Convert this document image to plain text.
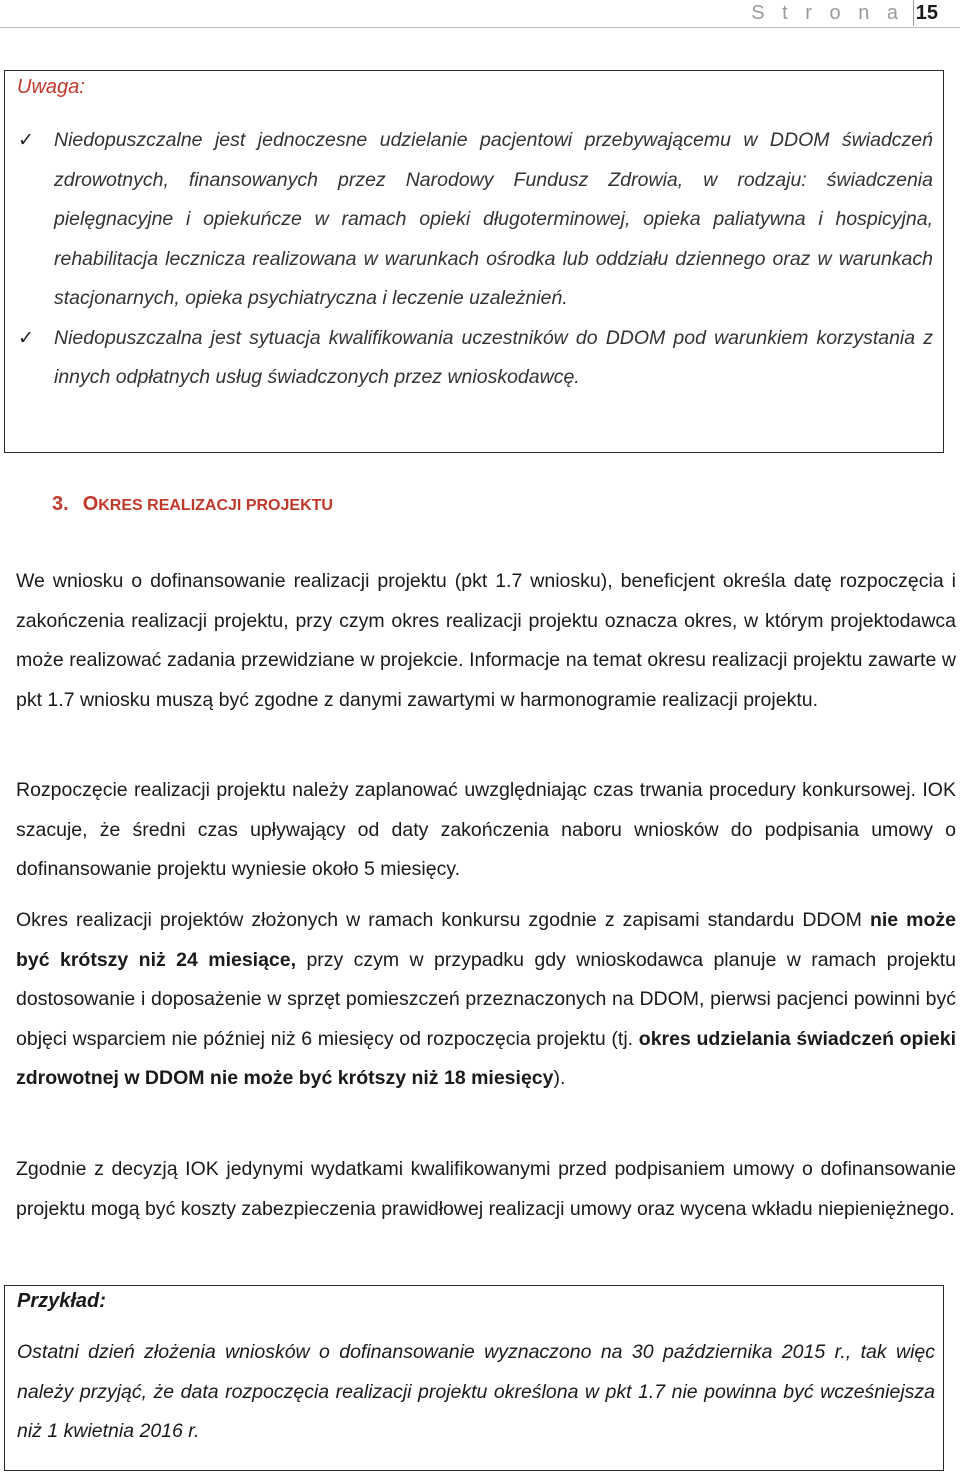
S t r o n a 15
Uwaga:
✓ Niedopuszczalne jest jednoczesne udzielanie pacjentowi przebywającemu w DDOM świadczeń zdrowotnych, finansowanych przez Narodowy Fundusz Zdrowia, w rodzaju: świadczenia pielęgnacyjne i opiekuńcze w ramach opieki długoterminowej, opieka paliatywna i hospicyjna, rehabilitacja lecznicza realizowana w warunkach ośrodka lub oddziału dziennego oraz w warunkach stacjonarnych, opieka psychiatryczna i leczenie uzależnień.
✓ Niedopuszczalna jest sytuacja kwalifikowania uczestników do DDOM pod warunkiem korzystania z innych odpłatnych usług świadczonych przez wnioskodawcę.
3. OKRES REALIZACJI PROJEKTU
We wniosku o dofinansowanie realizacji projektu (pkt 1.7 wniosku), beneficjent określa datę rozpoczęcia i zakończenia realizacji projektu, przy czym okres realizacji projektu oznacza okres, w którym projektodawca może realizować zadania przewidziane w projekcie. Informacje na temat okresu realizacji projektu zawarte w pkt 1.7 wniosku muszą być zgodne z danymi zawartymi w harmonogramie realizacji projektu.
Rozpoczęcie realizacji projektu należy zaplanować uwzględniając czas trwania procedury konkursowej. IOK szacuje, że średni czas upływający od daty zakończenia naboru wniosków do podpisania umowy o dofinansowanie projektu wyniesie około 5 miesięcy.
Okres realizacji projektów złożonych w ramach konkursu zgodnie z zapisami standardu DDOM nie może być krótszy niż 24 miesiące, przy czym w przypadku gdy wnioskodawca planuje w ramach projektu dostosowanie i doposażenie w sprzęt pomieszczeń przeznaczonych na DDOM, pierwsi pacjenci powinni być objęci wsparciem nie później niż 6 miesięcy od rozpoczęcia projektu (tj. okres udzielania świadczeń opieki zdrowotnej w DDOM nie może być krótszy niż 18 miesięcy).
Zgodnie z decyzją IOK jedynymi wydatkami kwalifikowanymi przed podpisaniem umowy o dofinansowanie projektu mogą być koszty zabezpieczenia prawidłowej realizacji umowy oraz wycena wkładu niepieniężnego.
Przykład:
Ostatni dzień złożenia wniosków o dofinansowanie wyznaczono na 30 października 2015 r., tak więc należy przyjąć, że data rozpoczęcia realizacji projektu określona w pkt 1.7 nie powinna być wcześniejsza niż 1 kwietnia 2016 r.
